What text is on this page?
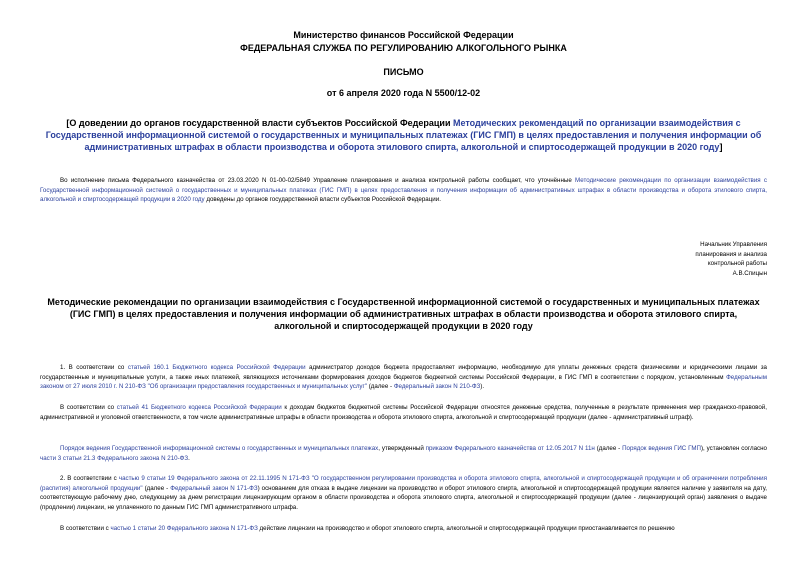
Министерство финансов Российской Федерации
ФЕДЕРАЛЬНАЯ СЛУЖБА ПО РЕГУЛИРОВАНИЮ АЛКОГОЛЬНОГО РЫНКА
ПИСЬМО
от 6 апреля 2020 года N 5500/12-02
[О доведении до органов государственной власти субъектов Российской Федерации Методических рекомендаций по организации взаимодействия с Государственной информационной системой о государственных и муниципальных платежах (ГИС ГМП) в целях предоставления и получения информации об административных штрафах в области производства и оборота этилового спирта, алкогольной и спиртосодержащей продукции в 2020 году]
Во исполнение письма Федерального казначейства от 23.03.2020 N 01-00-02/5849 Управление планирования и анализа контрольной работы сообщает, что уточнённые Методические рекомендации по организации взаимодействия с Государственной информационной системой о государственных и муниципальных платежах (ГИС ГМП) в целях предоставления и получения информации об административных штрафах в области производства и оборота этилового спирта, алкогольной и спиртосодержащей продукции в 2020 году доведены до органов государственной власти субъектов Российской Федерации.
Начальник Управления
планирования и анализа
контрольной работы
А.В.Спицын
Методические рекомендации по организации взаимодействия с Государственной информационной системой о государственных и муниципальных платежах (ГИС ГМП) в целях предоставления и получения информации об административных штрафах в области производства и оборота этилового спирта, алкогольной и спиртосодержащей продукции в 2020 году
1. В соответствии со статьей 160.1 Бюджетного кодекса Российской Федерации администратор доходов бюджета предоставляет информацию, необходимую для уплаты денежных средств физическими и юридическими лицами за государственные и муниципальные услуги, а также иных платежей, являющихся источниками формирования доходов бюджетов бюджетной системы Российской Федерации, в ГИС ГМП в соответствии с порядком, установленным Федеральным законом от 27 июля 2010 г. N 210-ФЗ "Об организации предоставления государственных и муниципальных услуг" (далее - Федеральный закон N 210-ФЗ).
В соответствии со статьей 41 Бюджетного кодекса Российской Федерации к доходам бюджетов бюджетной системы Российской Федерации относятся денежные средства, полученные в результате применения мер гражданско-правовой, административной и уголовной ответственности, в том числе административные штрафы в области производства и оборота этилового спирта, алкогольной и спиртосодержащей продукции (далее - административный штраф).
Порядок ведения Государственной информационной системы о государственных и муниципальных платежах, утвержденный приказом Федерального казначейства от 12.05.2017 N 11н (далее - Порядок ведения ГИС ГМП), установлен согласно части 3 статьи 21.3 Федерального закона N 210-ФЗ.
2. В соответствии с частью 9 статьи 19 Федерального закона от 22.11.1995 N 171-ФЗ "О государственном регулировании производства и оборота этилового спирта, алкогольной и спиртосодержащей продукции и об ограничении потребления (распития) алкогольной продукции" (далее - Федеральный закон N 171-ФЗ) основанием для отказа в выдаче лицензии на производство и оборот этилового спирта, алкогольной и спиртосодержащей продукции является наличие у заявителя на дату, соответствующую рабочему дню, следующему за днем регистрации лицензирующим органом в области производства и оборота этилового спирта, алкогольной и спиртосодержащей продукции (далее - лицензирующий орган) заявления о выдаче (продлении) лицензии, не уплаченного по данным ГИС ГМП административного штрафа.
В соответствии с частью 1 статьи 20 Федерального закона N 171-ФЗ действие лицензии на производство и оборот этилового спирта, алкогольной и спиртосодержащей продукции приостанавливается по решению
